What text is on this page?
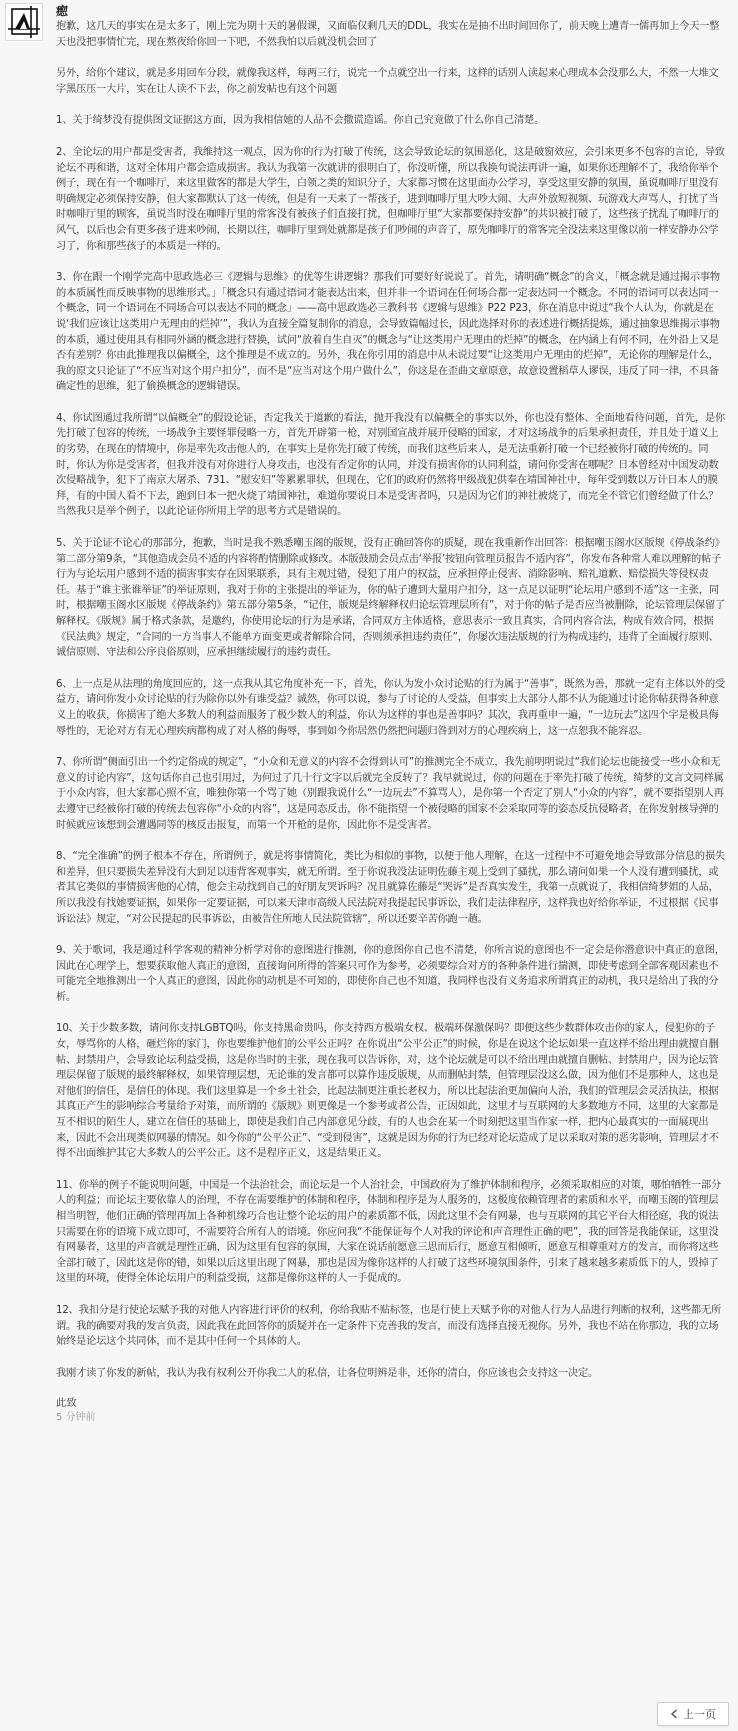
瘛

抱歉，这几天的事实在是太多了，刚上完为期十天的暑假课，又面临仅剩几天的DDL，我实在是抽不出时间回你了，前天晚上遭青一儒再加上今天一整天也没把事情忙完，现在熬夜给你回一下吧，不然我怕以后就没机会回了

另外，给你个建议，就是多用回车分段，就像我这样，每两三行，说完一个点就空出一行来，这样的话别人读起来心理成本会没那么大，不然一大堆文字黑压压一大片，实在让人读不下去，你之前发帖也有这个问题

1、关于绮梦没有提供图文证据这方面，因为我相信她的人品不会撒谎造谣。你自己究竟做了什么你自己清楚。

2、全论坛的用户都是受害者，我维持这一观点，因为你的行为打破了传统，这会导致论坛的氛围恶化，这是破窗效应，会引来更多不包容的言论，导致论坛不再和谐，这对全体用户都会造成损害。我认为我第一次就讲的很明白了，你没听懂，所以我换句说法再讲一遍，如果你还理解不了，我给你举个例子，现在有一个咖啡厅，来这里做客的都是大学生，白领之类的知识分子，大家都习惯在这里面办公学习，享受这里安静的氛围，虽说咖啡厅里没有明确规定必须保持安静，但大家都默认了这一传统，但是有一天来了一帮孩子，进到咖啡厅里大吵大闹、大声外放短视频、玩游戏大声骂人，打扰了当时咖啡厅里的顾客，虽说当时没在咖啡厅里的常客没有被孩子们直接打扰，但咖啡厅里“大家都要保持安静”的共识被打破了，这些孩子扰乱了咖啡厅的风气，以后也会有更多孩子进来吵闹，长期以往，咖啡厅里到处就都是孩子们吵闹的声音了，原先咖啡厅的常客完全没法来这里像以前一样安静办公学习了，你和那些孩子的本质是一样的。

3、你在跟一个刚学完高中思政选必三《逻辑与思维》的优等生讲逻辑？那我们可要好好说说了。首先，请明确“概念”的含义，「概念就是通过揭示事物的本质属性而反映事物的思维形式。」「概念只有通过语词才能表达出来，但并非一个语词在任何场合都一定表达同一个概念。不同的语词可以表达同一个概念，同一个语词在不同场合可以表达不同的概念」——高中思政选必三教科书《逻辑与思维》P22 P23，你在消息中说过“我个人认为，你就是在说‘我们应该让这类用户无理由的烂掉’”，我认为直接全篇复制你的消息，会导致篇幅过长，因此选择对你的表述进行概括提炼，通过抽象思维揭示事物的本质，通过使用具有相同外涵的概念进行替换，试问“放着自生自灭”的概念与“让这类用户无理由的烂掉”的概念，在内涵上有何不同，在外沿上又是否有差别？你由此推理我以偏概全，这个推理是不成立的。另外，我在你引用的消息中从未说过要“让这类用户无理由的烂掉”，无论你的理解是什么，我的原文只论证了“不应当对这个用户扣分”，而不是“应当对这个用户做什么”，你这是在歪曲文章原意，故意设置稻草人谬误，违反了同一律，不具备确定性的思维，犯了偷换概念的逻辑错误。

4、你试图通过我所谓“以偏概全”的假设论证，否定我关于道歉的看法，抛开我没有以偏概全的事实以外，你也没有整体、全面地看待问题，首先，是你先打破了包容的传统，一场战争主要怪罪侵略一方，首先开辟第一枪，对别国宣战并展开侵略的国家，才对这场战争的后果承担责任，并且处于道义上的劣势，在现在的情境中，你是率先攻击他人的，在事实上是你先打破了传统，而我们这些后来人，是无法重新打破一个已经被你打破的传统的。同时，你认为你是受害者，但我并没有对你进行人身攻击，也没有否定你的认同，并没有损害你的认同利益，请问你受害在哪呢？日本曾经对中国发动数次侵略战争，犯下了南京大屠杀、731、“慰安妇”等累累罪状，但现在，它们的政府仍然将甲级战犯供奉在靖国神社中，每年受到数以万计日本人的膜拜，有的中国人看不下去，跑到日本一把火烧了靖国神社，难道你要说日本是受害者吗，只是因为它们的神社被烧了，而完全不管它们曾经做了什么？当然我只是举个例子，以此论证你所用上学的思考方式是错误的。

5、关于论证不论心的那部分，抱歉，当时是我不熟悉嘲玉阁的版规，没有正确回答你的质疑，现在我重新作出回答：根据嘲玉阁水区版规《停战条约》第二部分第9条，“其他造成会员不适的内容将酌情删除或修改。本版鼓励会员点击‘举报’按钮向管理员报告不适内容”，你发布各种常人难以理解的帖子行为与论坛用户感到不适的损害事实存在因果联系，具有主观过错，侵犯了用户的权益，应承担停止侵害、消除影响、赔礼道歉、赔偿损失等侵权责任。基于“谁主张谁举证”的举证原则，我对于你的主张提出的举证为，你的帖子遭到大量用户扣分，这一点足以证明“论坛用户感到不适”这一主张，同时，根据嘲玉阁水区版规《停战条约》第五部分第5条，“记住，版规是终解释权归论坛管理层所有”，对于你的帖子是否应当被删除，论坛管理层保留了解释权。《版规》属于格式条款，是邀约，你使用论坛的行为是承诺，合同双方主体适格，意思表示一致且真实，合同内容合法，构成有效合同，根据《民法典》规定，“合同的一方当事人不能单方面变更或者解除合同，否则须承担违约责任”，你屡次违法版规的行为构成违约，违背了全面履行原则、诚信原则、守法和公序良俗原则，应承担继续履行的违约责任。

6、上一点是从法理的角度回应的，这一点我从其它角度补充一下，首先，你认为发小众讨论贴的行为属于“善事”，既然为善，那就一定有主体以外的受益方，请问你发小众讨论贴的行为除你以外有谁受益？诚然，你可以说，参与了讨论的人受益，但事实上大部分人都不认为能通过讨论你帖获得各种意义上的收获，你损害了绝大多数人的利益而服务了极少数人的利益，你认为这样的事也是善事吗？其次，我再重申一遍，“一边玩去”这四个字是极具侮辱性的，无论对方有无心理疾病都构成了对人格的侮辱，事到如今你居然仍然把问题归咎到对方的心理疾病上，这一点恕我不能容忍。

7、你所谓“侧面引出一个约定俗成的规定”，“小众和无意义的内容不会得到认可”的推测完全不成立，我先前明明说过“我们论坛也能接受一些小众和无意义的讨论内容”，这句话你自己也引用过，为何过了几十行文字以后就完全反转了？我早就说过，你的问题在于率先打破了传统，绮梦的文言文同样属于小众内容，但大家都心照不宣，唯独你第一个骂了她（别跟我说什么“一边玩去”不算骂人），是你第一个否定了别人“小众的内容”，就不要指望别人再去遵守已经被你打破的传统去包容你“小众的内容”，这是同态反击，你不能指望一个被侵略的国家不会采取同等的姿态反抗侵略者，在你发射核导弹的时候就应该想到会遭遇同等的核反击报复，而第一个开枪的是你，因此你不是受害者。

8、“完全准确”的例子根本不存在，所谓例子，就是将事情简化，类比为相似的事物，以便于他人理解，在这一过程中不可避免地会导致部分信息的损失和差异，但只要损失差异没有大到足以违背客观事实，就无所谓。至于你说我没法证明佐藤主观上受到了骚扰，那么请问如果一个人没有遭到骚扰，或者其它类似的事情损害他的心情，他会主动找到自己的好朋友哭诉吗？况且就算佐藤是“哭诉”是否真实发生，我第一点就说了，我相信绮梦姐的人品，所以我没有找她要证据，如果你一定要证据，可以来天津市高级人民法院对我提起民事诉讼，我们走法律程序，这样我也好给你举证，不过根据《民事诉讼法》规定，“对公民提起的民事诉讼，由被告住所地人民法院管辖”，所以还要辛苦你跑一趟。

9、关于歌词，我是通过科学客观的精神分析学对你的意图进行推测，你的意图你自己也不清楚，你所言说的意图也不一定会是你潜意识中真正的意图，因此在心理学上，想要获取他人真正的意图，直接询问所得的答案只可作为参考，必须要综合对方的各种条件进行揣测，即使考虑到全部客观因素也不可能完全地推测出一个人真正的意图，因此你的动机是不可知的，即使你自己也不知道，我同样也没有义务追求所谓真正的动机，我只是给出了我的分析。

10、关于少数多数，请问你支持LGBTQ吗，你支持黑命贵吗，你支持西方极端女权、极端环保激保吗？即便这些少数群体攻击你的家人，侵犯你的子女，辱骂你的人格，砸烂你的家门，你也要维护他们的公平公正吗？在你说出“公平公正”的时候，你是在说这个论坛如果一直这样不给出理由就擅自删帖、封禁用户，会导致论坛利益受损，这是你当时的主张，现在我可以告诉你，对，这个论坛就是可以不给出理由就擅自删帖、封禁用户，因为论坛管理层保留了版规的最终解释权，如果管理层想，无论谁的发言都可以算作违反版规，从而删帖封禁，但管理层没这么做，因为他们不是那种人，这也是对他们的信任，是信任的体现。我们这里算是一个乡土社会，比起法制更注重长老权力，所以比起法治更加偏向人治，我们的管理层会灵活执法，根据其真正产生的影响综合考量给予对策，而所谓的《版规》则更像是一个参考或者公告，正因如此，这里才与互联网的大多数地方不同，这里的大家都是互不相识的陌生人，建立在信任的基础上，即使是我们自己内部意见分歧，有的人也会在某一个时刻把这里当作家一样，把内心最真实的一面展现出来，因此不会出现类似网暴的情况。如今你的“公平公正”、“受到侵害”，这就是因为你的行为已经对论坛造成了足以采取对策的恶劣影响，管理层才不得不出面维护其它大多数人的公平公正。这不是程序正义，这是结果正义。

11、你举的例子不能说明问题，中国是一个法治社会，而论坛是一个人治社会，中国政府为了维护体制和程序，必须采取相应的对策，哪怕牺牲一部分人的利益；而论坛主要依靠人的治理，不存在需要维护的体制和程序，体制和程序是为人服务的，这极度依赖管理者的素质和水平，而嘲玉阁的管理层相当明智，他们正确的管理再加上各种机缘巧合也让整个论坛的用户的素质都不低，因此这里不会有网暴，也与互联网的其它平台大相径庭，我的说法只需要在你的语境下成立即可，不需要符合所有人的语境。你应问我“不能保证每个人对我的评论和声音理性正确的吧”，我的回答是我能保证，这里没有网暴者，这里的声音就是理性正确，因为这里有包容的氛围，大家在说话前愿意三思而后行，愿意互相倾听，愿意互相尊重对方的发言，而你将这些全部打破了，因此这是你的错，如果以后这里出现了网暴，那也是因为像你这样的人打破了这些环境氛围条件，引来了越来越多素质低下的人，毁掉了这里的环境，使得全体论坛用户的利益受损，这都是像你这样的人一手促成的。

12、我扣分是行使论坛赋予我的对他人内容进行评价的权利，你给我贴不贴标签，也是行使上天赋予你的对他人行为人品进行判断的权利，这些都无所谓。我的确要对我的发言负责，因此我在此回答你的质疑并在一定条件下克善我的发言，而没有选择直接无视你。另外，我也不站在你那边，我的立场始终是论坛这个共同体，而不是其中任何一个具体的人。

我刚才读了你发的新帖，我认为我有权利公开你我二人的私信，让各位明辨是非，还你的清白，你应该也会支持这一决定。

此致
5 分钟前
上一页
